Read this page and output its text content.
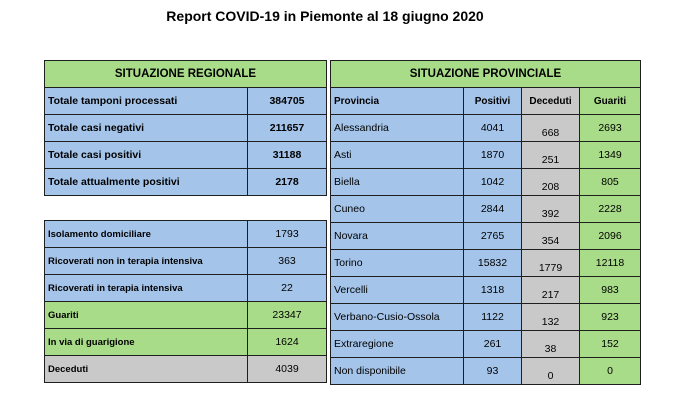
Report COVID-19 in Piemonte al 18 giugno 2020
SITUAZIONE REGIONALE	
Totale tamponi processati	384705
Totale casi negativi	211657
Totale casi positivi	31188
Totale attualmente positivi	2178
Isolamento domiciliare	1793
Ricoverati non in terapia intensiva	363
Ricoverati in terapia intensiva	22
Guariti	23347
In via di guarigione	1624
Deceduti	4039
SITUAZIONE PROVINCIALE			
Provincia	Positivi	Deceduti	Guariti
Alessandria	4041	668	2693
Asti	1870	251	1349
Biella	1042	208	805
Cuneo	2844	392	2228
Novara	2765	354	2096
Torino	15832	1779	12118
Vercelli	1318	217	983
Verbano-Cusio-Ossola	1122	132	923
Extraregione	261	38	152
Non disponibile	93	0	0
